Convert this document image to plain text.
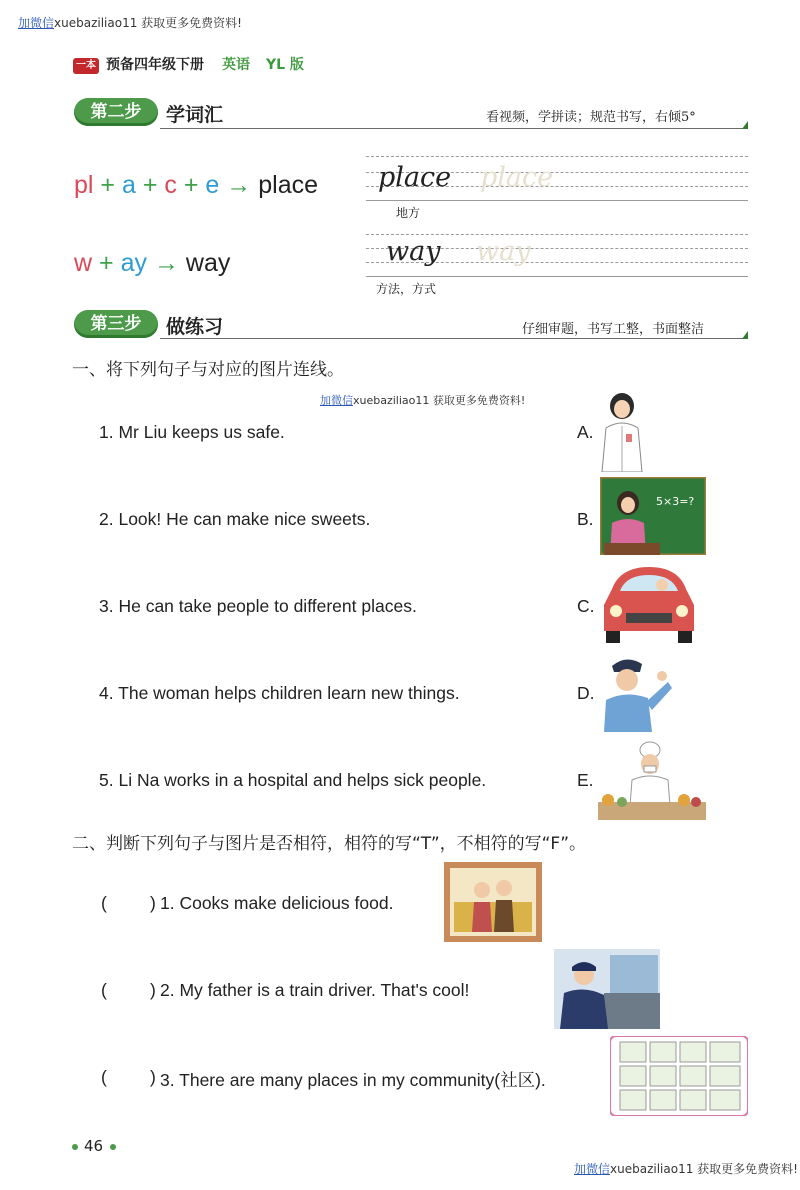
加微信xuebaziliao11 获取更多免费资料!
加微信xuebaziliao11 获取更多免费资料!
加微信xuebaziliao11 获取更多免费资料!
一本 预备四年级下册 英语 YL 版
第二步	学词汇	看视频，学拼读；规范书写，右倾5°
pl + a + c + e → place place place
地方
w + ay → way	way way
方法，方式
第三步	做练习	仔细审题，书写工整，书面整洁
一、将下列句子与对应的图片连线。
1. Mr Liu keeps us safe.
2. Look! He can make nice sweets.
3. He can take people to different places.
4. The woman helps children learn new things.
5. Li Na works in a hospital and helps sick people.
A.
B.
C.
D.
E.
5×3=?
二、判断下列句子与图片是否相符，相符的写“T”，不相符的写“F”。
( ) 1. Cooks make delicious food.
( ) 2. My father is a train driver. That's cool!
( ) 3. There are many places in my community(社区).
46
